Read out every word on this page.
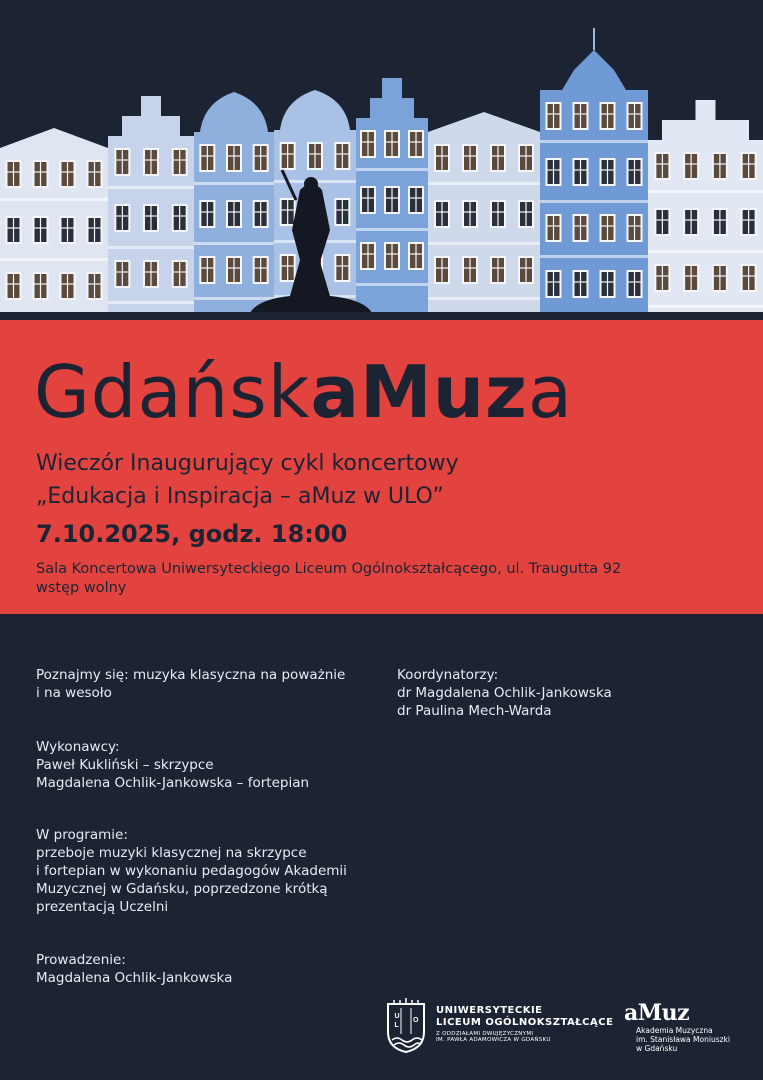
GdańskaMuza
Wieczór Inaugurujący cykl koncertowy
„Edukacja i Inspiracja – aMuz w ULO”
7.10.2025, godz. 18:00
Sala Koncertowa Uniwersyteckiego Liceum Ogólnokształcącego, ul. Traugutta 92
wstęp wolny
Poznajmy się: muzyka klasyczna na poważnie
i na wesoło
Wykonawcy:
Paweł Kukliński – skrzypce
Magdalena Ochlik-Jankowska – fortepian
W programie:
przeboje muzyki klasycznej na skrzypce
i fortepian w wykonaniu pedagogów Akademii
Muzycznej w Gdańsku, poprzedzone krótką
prezentacją Uczelni
Prowadzenie:
Magdalena Ochlik-Jankowska
Koordynatorzy:
dr Magdalena Ochlik-Jankowska
dr Paulina Mech-Warda
U
L
O
UNIWERSYTECKIE
LICEUM OGÓLNOKSZTAŁCĄCE
Z ODDZIAŁAMI DWUJĘZYCZNYMI
IM. PAWŁA ADAMOWICZA W GDAŃSKU
aMuz
Akademia Muzyczna
im. Stanisława Moniuszki
w Gdańsku
